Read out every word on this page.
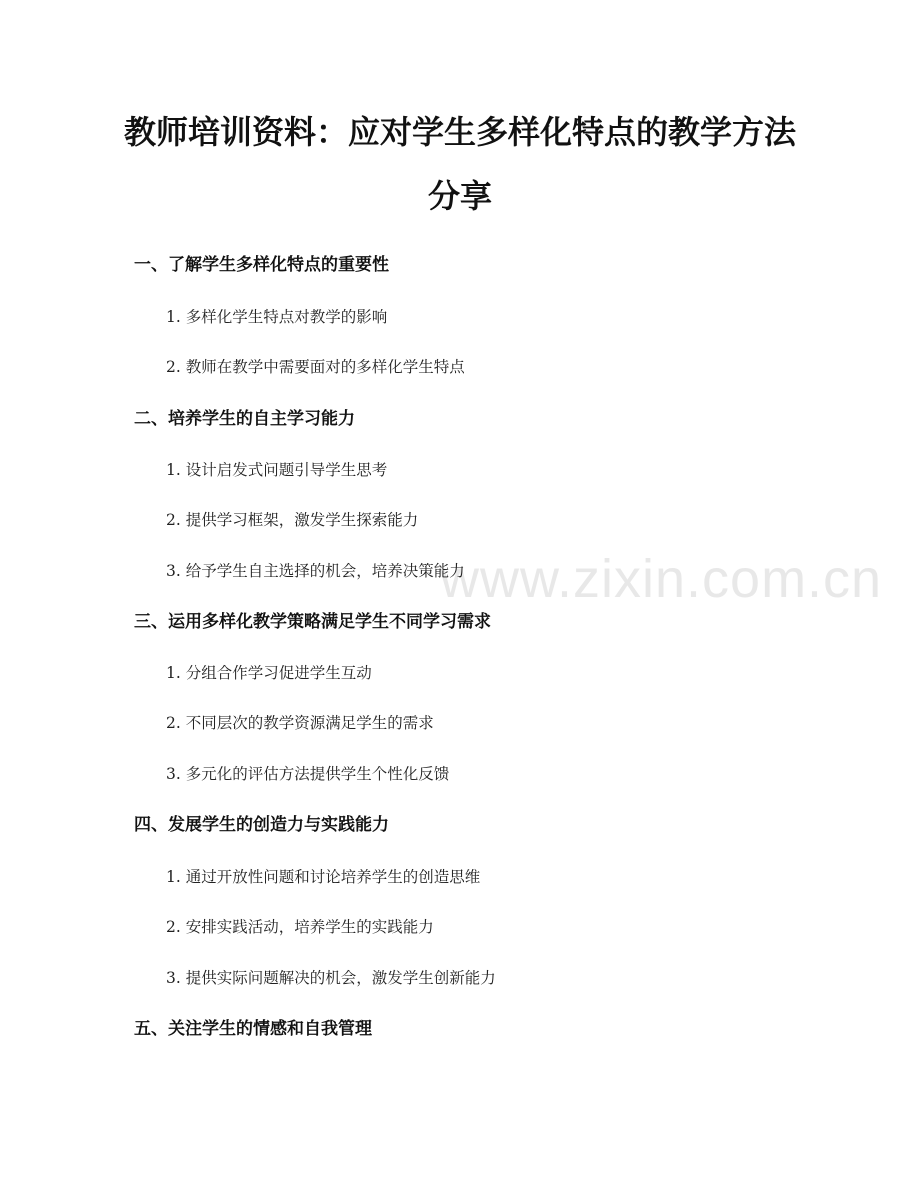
教师培训资料：应对学生多样化特点的教学方法分享
www.zixin.com.cn
一、了解学生多样化特点的重要性
1. 多样化学生特点对教学的影响
2. 教师在教学中需要面对的多样化学生特点
二、培养学生的自主学习能力
1. 设计启发式问题引导学生思考
2. 提供学习框架，激发学生探索能力
3. 给予学生自主选择的机会，培养决策能力
三、运用多样化教学策略满足学生不同学习需求
1. 分组合作学习促进学生互动
2. 不同层次的教学资源满足学生的需求
3. 多元化的评估方法提供学生个性化反馈
四、发展学生的创造力与实践能力
1. 通过开放性问题和讨论培养学生的创造思维
2. 安排实践活动，培养学生的实践能力
3. 提供实际问题解决的机会，激发学生创新能力
五、关注学生的情感和自我管理
